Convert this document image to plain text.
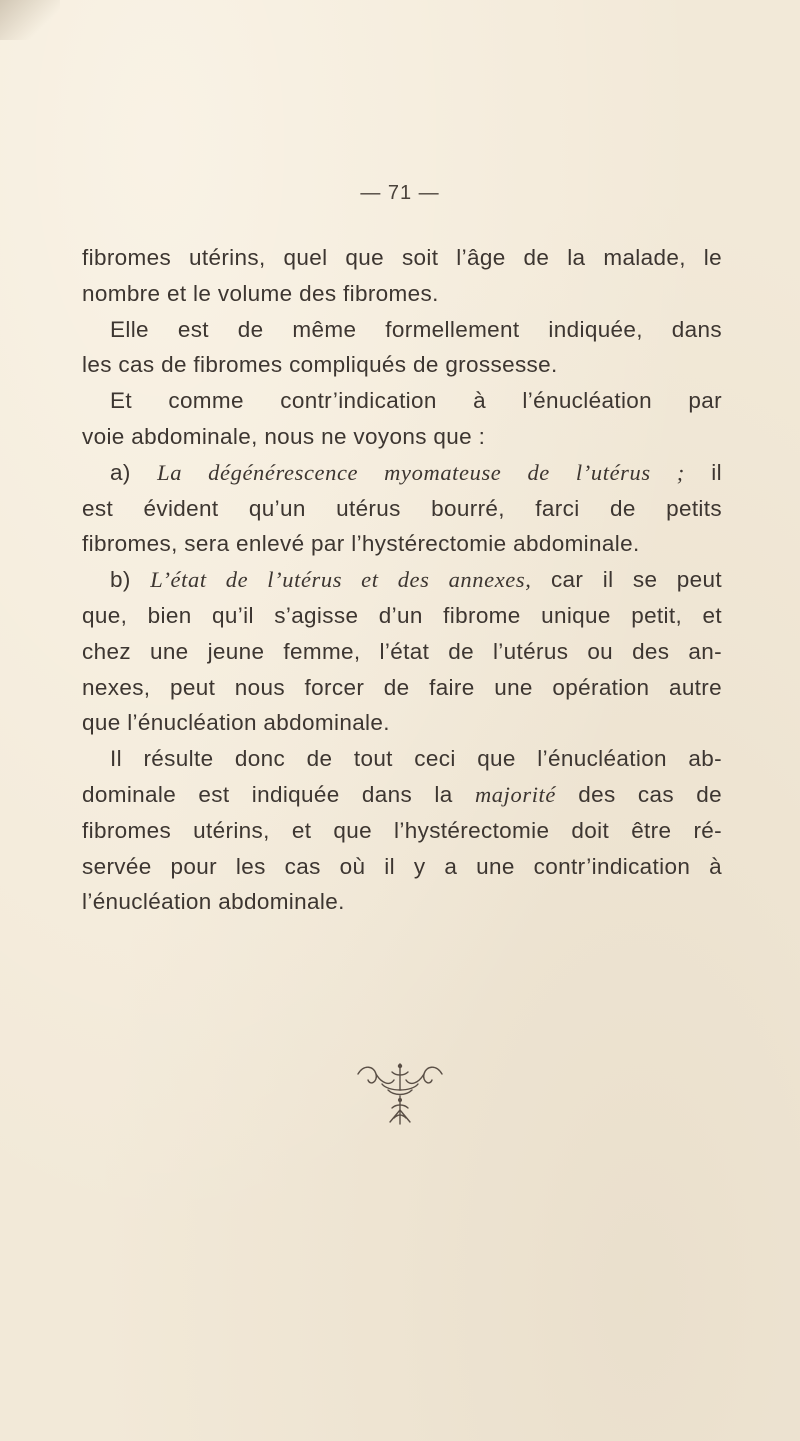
— 71 —
fibromes utérins, quel que soit l’âge de la malade, le
nombre et le volume des fibromes.
Elle est de même formellement indiquée, dans
les cas de fibromes compliqués de grossesse.
Et comme contr’indication à l’énucléation par
voie abdominale, nous ne voyons que :
a) La dégénérescence myomateuse de l’utérus ; il
est évident qu’un utérus bourré, farci de petits
fibromes, sera enlevé par l’hystérectomie abdominale.
b) L’état de l’utérus et des annexes, car il se peut
que, bien qu’il s’agisse d’un fibrome unique petit, et
chez une jeune femme, l’état de l’utérus ou des an-
nexes, peut nous forcer de faire une opération autre
que l’énucléation abdominale.
Il résulte donc de tout ceci que l’énucléation ab-
dominale est indiquée dans la majorité des cas de
fibromes utérins, et que l’hystérectomie doit être ré-
servée pour les cas où il y a une contr’indication à
l’énucléation abdominale.
